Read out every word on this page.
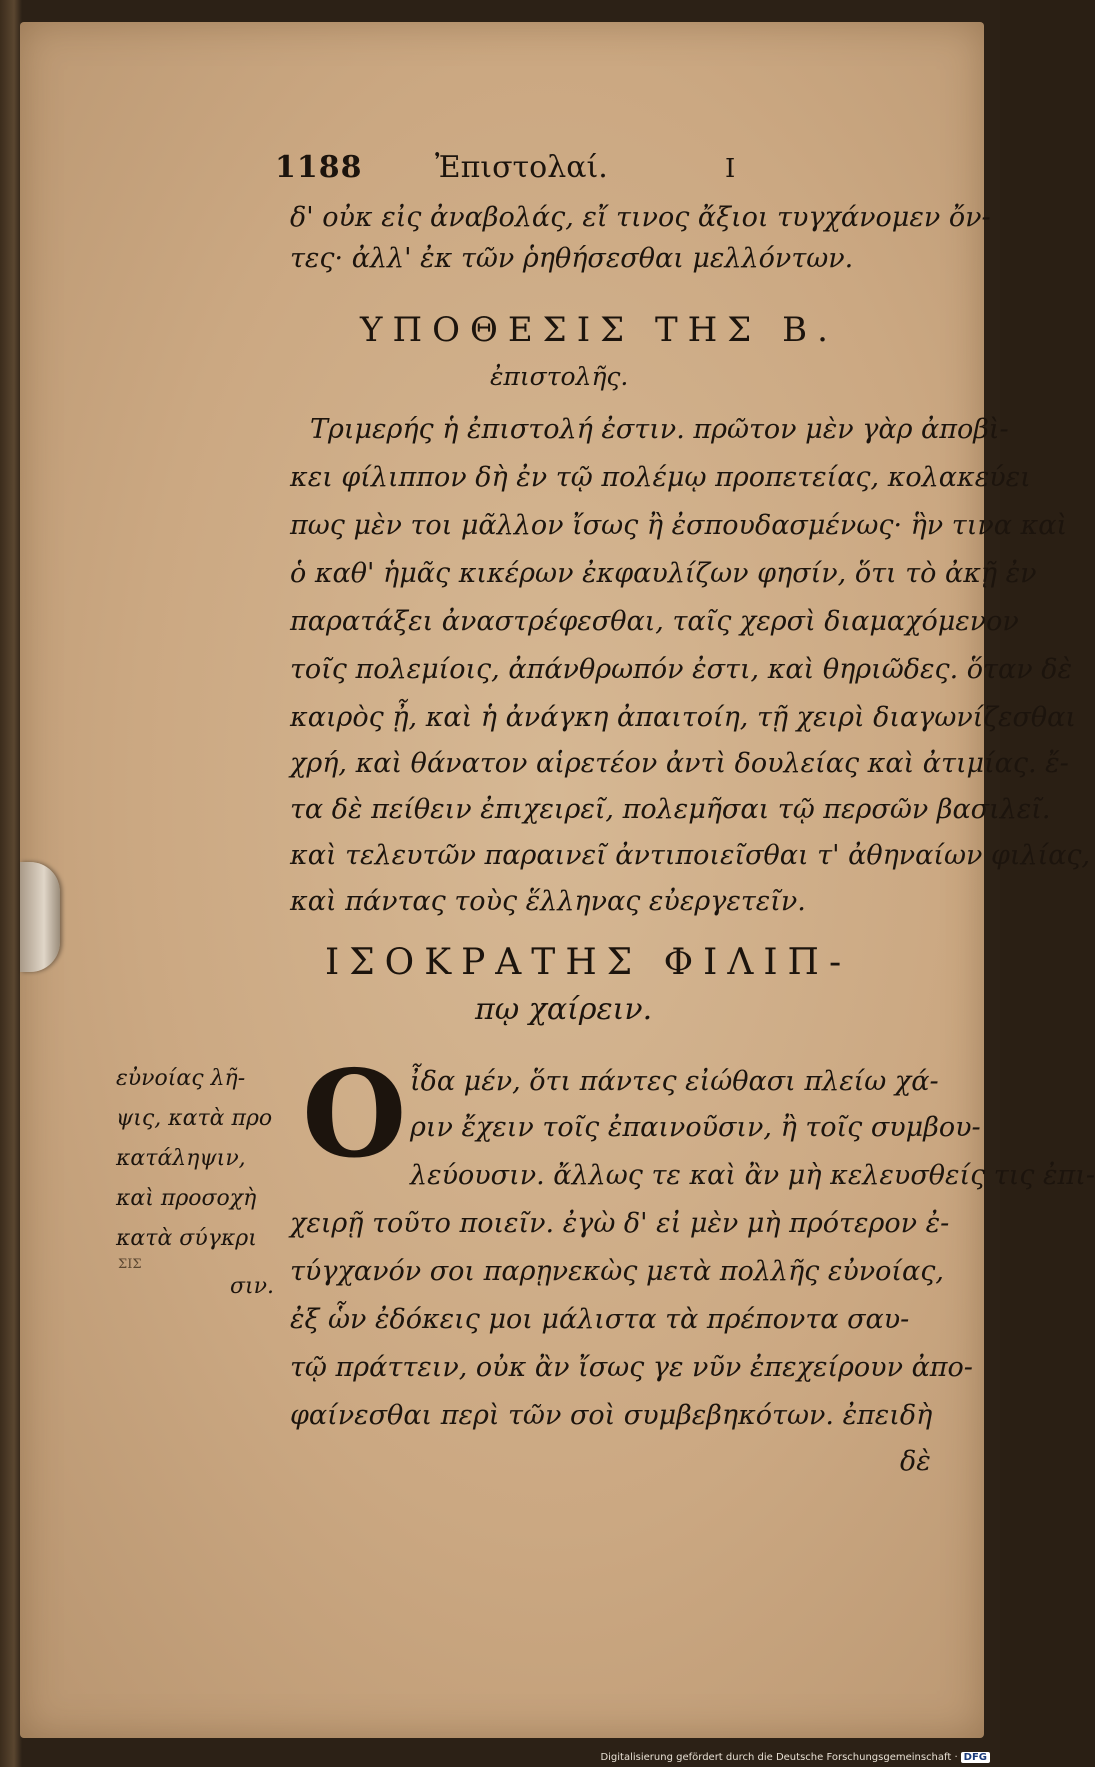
1188 Ἐπιστολαί.	I
δ' οὐκ εἰς ἀναβολάς, εἴ τινος ἄξιοι τυγχάνομεν ὄν-
τες· ἀλλ' ἐκ τῶν ῥηθήσεσθαι μελλόντων.
ΥΠΟΘΕΣΙΣ ΤΗΣ Β.
ἐπιστολῆς.
Τριμερής ἡ ἐπιστολή ἐστιν. πρῶτον μὲν γὰρ ἀποβὶ-
κει φίλιππον δὴ ἐν τῷ πολέμῳ προπετείας, κολακεύει
πως μὲν τοι μᾶλλον ἴσως ἢ ἐσπουδασμένως· ἣν τινα καὶ
ὁ καθ' ἡμᾶς κικέρων ἐκφαυλίζων φησίν, ὅτι τὸ ἀκῇ ἐν
παρατάξει ἀναστρέφεσθαι, ταῖς χερσὶ διαμαχόμενον
τοῖς πολεμίοις, ἀπάνθρωπόν ἐστι, καὶ θηριῶδες. ὅταν δὲ
καιρὸς ᾖ, καὶ ἡ ἀνάγκη ἀπαιτοίη, τῇ χειρὶ διαγωνίζεσθαι
χρή, καὶ θάνατον αἱρετέον ἀντὶ δουλείας καὶ ἀτιμίας. ἔ-
τα δὲ πείθειν ἐπιχειρεῖ, πολεμῆσαι τῷ περσῶν βασιλεῖ.
καὶ τελευτῶν παραινεῖ ἀντιποιεῖσθαι τ' ἀθηναίων φιλίας,
καὶ πάντας τοὺς ἕλληνας εὐεργετεῖν.
ΙΣΟΚΡΑΤΗΣ ΦΙΛΙΠ-
πῳ χαίρειν.
Ο ἶδα μέν, ὅτι πάντες εἰώθασι πλείω χά-
ριν ἔχειν τοῖς ἐπαινοῦσιν, ἢ τοῖς συμβου-
λεύουσιν. ἄλλως τε καὶ ἂν μὴ κελευσθείς τις ἐπι-
χειρῇ τοῦτο ποιεῖν. ἐγὼ δ' εἰ μὲν μὴ πρότερον ἐ-
τύγχανόν σοι παρῃνεκὼς μετὰ πολλῆς εὐνοίας,
ἐξ ὧν ἐδόκεις μοι μάλιστα τὰ πρέποντα σαυ-
τῷ πράττειν, οὐκ ἂν ἴσως γε νῦν ἐπεχείρουν ἀπο-
φαίνεσθαι περὶ τῶν σοὶ συμβεβηκότων. ἐπειδὴ
δὲ
εὐνοίας λῆ-
ψις, κατὰ προ
κατάληψιν,
καὶ προσοχὴ
κατὰ σύγκρι
σιν.
ΣΙΣ
Digitalisierung gefördert durch die Deutsche Forschungsgemeinschaft · DFG
